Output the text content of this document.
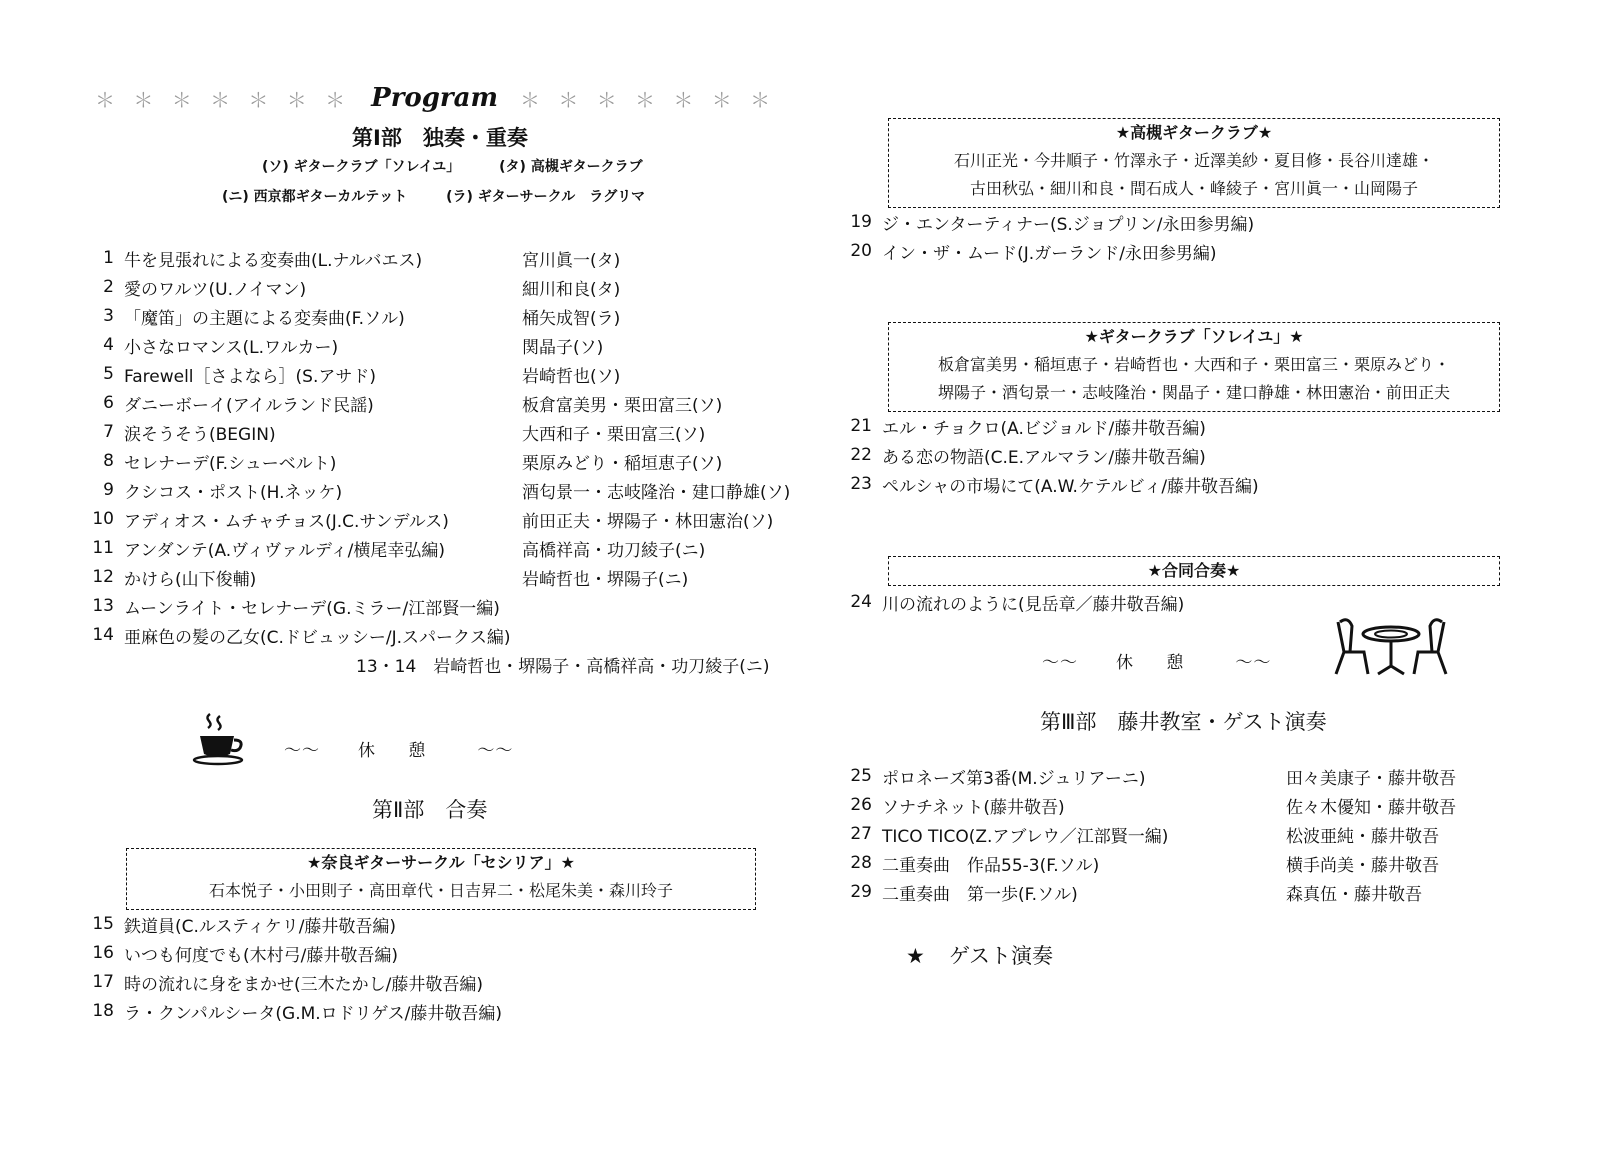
＊ ＊ ＊ ＊ ＊ ＊ ＊ Program ＊ ＊ ＊ ＊ ＊ ＊ ＊
第Ⅰ部　独奏・重奏
(ソ) ギタークラブ「ソレイユ」	(タ) 高槻ギタークラブ
(ニ) 西京都ギターカルテット	(ラ) ギターサークル　ラグリマ
1 牛を見張れによる変奏曲(L.ナルバエス)	宮川眞一(タ)
2 愛のワルツ(U.ノイマン)	細川和良(タ)
3 「魔笛」の主題による変奏曲(F.ソル)	桶矢成智(ラ)
4 小さなロマンス(L.ワルカー)	関晶子(ソ)
5 Farewell［さよなら］(S.アサド)	岩崎哲也(ソ)
6 ダニーボーイ(アイルランド民謡)	板倉富美男・栗田富三(ソ)
7 涙そうそう(BEGIN)	大西和子・栗田富三(ソ)
8 セレナーデ(F.シューベルト)	栗原みどり・稲垣恵子(ソ)
9 クシコス・ポスト(H.ネッケ)	酒匂景一・志岐隆治・建口静雄(ソ)
10 アディオス・ムチャチョス(J.C.サンデルス)	前田正夫・堺陽子・林田憲治(ソ)
11 アンダンテ(A.ヴィヴァルディ/横尾幸弘編)	高橋祥高・功刀綾子(ニ)
12 かけら(山下俊輔)	岩崎哲也・堺陽子(ニ)
13 ムーンライト・セレナーデ(G.ミラー/江部賢一編)
14 亜麻色の髪の乙女(C.ドビュッシー/J.スパークス編)
13・14　岩崎哲也・堺陽子・高橋祥高・功刀綾子(ニ)
～～ 休 憩 ～～
第Ⅱ部　合奏
★奈良ギターサークル「セシリア」★
石本悦子・小田則子・高田章代・日吉昇二・松尾朱美・森川玲子
15 鉄道員(C.ルスティケリ/藤井敬吾編)
16 いつも何度でも(木村弓/藤井敬吾編)
17 時の流れに身をまかせ(三木たかし/藤井敬吾編)
18 ラ・クンパルシータ(G.M.ロドリゲス/藤井敬吾編)
★高槻ギタークラブ★
石川正光・今井順子・竹澤永子・近澤美紗・夏目修・長谷川達雄・
古田秋弘・細川和良・間石成人・峰綾子・宮川眞一・山岡陽子
19 ジ・エンターティナー(S.ジョプリン/永田参男編)
20 イン・ザ・ムード(J.ガーランド/永田参男編)
★ギタークラブ「ソレイユ」★
板倉富美男・稲垣恵子・岩崎哲也・大西和子・栗田富三・栗原みどり・
堺陽子・酒匂景一・志岐隆治・関晶子・建口静雄・林田憲治・前田正夫
21 エル・チョクロ(A.ビジョルド/藤井敬吾編)
22 ある恋の物語(C.E.アルマラン/藤井敬吾編)
23 ペルシャの市場にて(A.W.ケテルビィ/藤井敬吾編)
★合同合奏★
24 川の流れのように(見岳章／藤井敬吾編)
～～ 休 憩 ～～
第Ⅲ部　藤井教室・ゲスト演奏
25 ポロネーズ第3番(M.ジュリアーニ)	田々美康子・藤井敬吾
26 ソナチネット(藤井敬吾)	佐々木優知・藤井敬吾
27 TICO TICO(Z.アブレウ／江部賢一編)	松波亜純・藤井敬吾
28 二重奏曲　作品55-3(F.ソル)	横手尚美・藤井敬吾
29 二重奏曲　第一歩(F.ソル)	森真伍・藤井敬吾
★ ゲスト演奏
